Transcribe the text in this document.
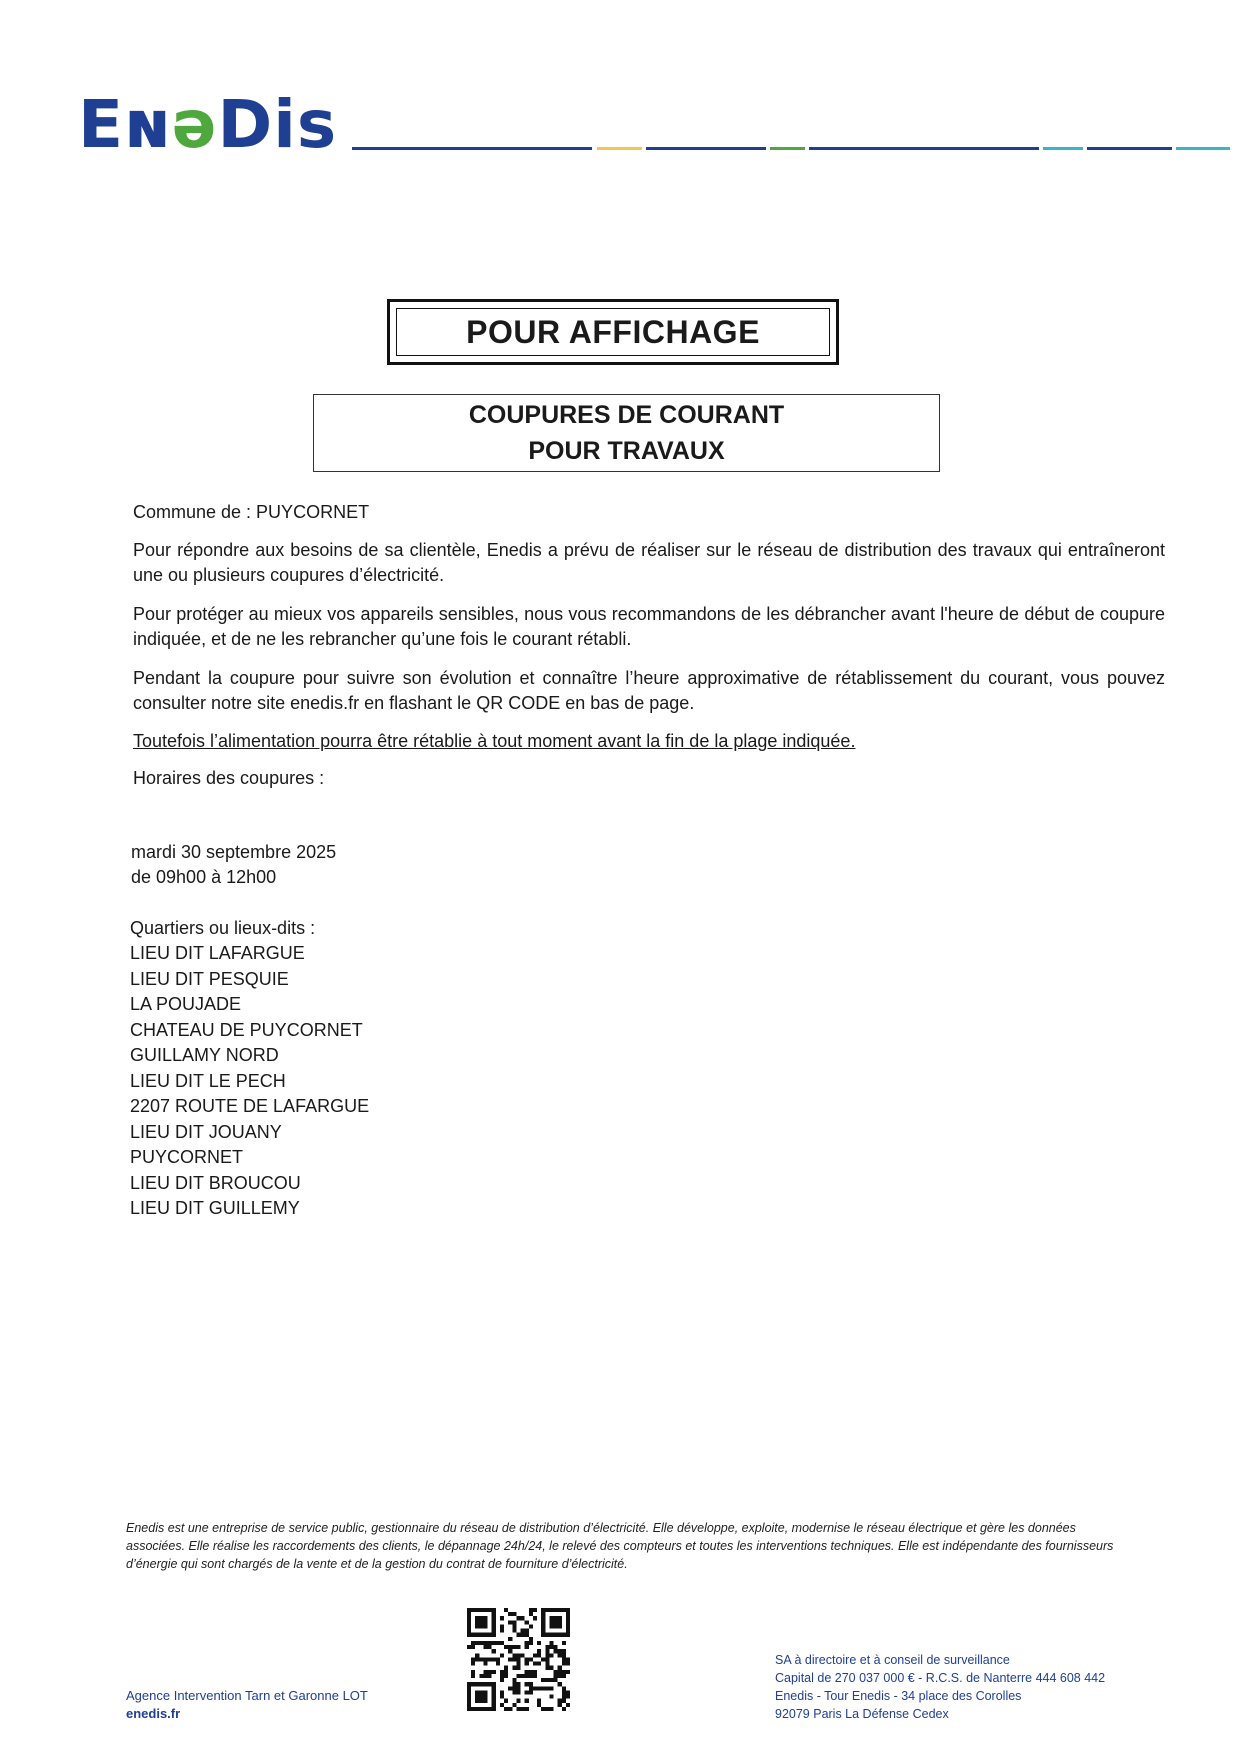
EɴəDis
POUR AFFICHAGE
COUPURES DE COURANT
POUR TRAVAUX
Commune de : PUYCORNET
Pour répondre aux besoins de sa clientèle, Enedis a prévu de réaliser sur le réseau de distribution des travaux qui entraîneront une ou plusieurs coupures d’électricité.
Pour protéger au mieux vos appareils sensibles, nous vous recommandons de les débrancher avant l'heure de début de coupure indiquée, et de ne les rebrancher qu’une fois le courant rétabli.
Pendant la coupure pour suivre son évolution et connaître l’heure approximative de rétablissement du courant, vous pouvez consulter notre site enedis.fr en flashant le QR CODE en bas de page.
Toutefois l’alimentation pourra être rétablie à tout moment avant la fin de la plage indiquée.
Horaires des coupures :
mardi 30 septembre 2025
de 09h00 à 12h00
Quartiers ou lieux-dits :
LIEU DIT LAFARGUE
LIEU DIT PESQUIE
LA POUJADE
CHATEAU DE PUYCORNET
GUILLAMY NORD
LIEU DIT LE PECH
2207 ROUTE DE LAFARGUE
LIEU DIT JOUANY
PUYCORNET
LIEU DIT BROUCOU
LIEU DIT GUILLEMY
Enedis est une entreprise de service public, gestionnaire du réseau de distribution d’électricité. Elle développe, exploite, modernise le réseau électrique et gère les données associées. Elle réalise les raccordements des clients, le dépannage 24h/24, le relevé des compteurs et toutes les interventions techniques. Elle est indépendante des fournisseurs d’énergie qui sont chargés de la vente et de la gestion du contrat de fourniture d’électricité.
Agence Intervention Tarn et Garonne LOT
enedis.fr
SA à directoire et à conseil de surveillance
Capital de 270 037 000 € - R.C.S. de Nanterre 444 608 442
Enedis - Tour Enedis - 34 place des Corolles
92079 Paris La Défense Cedex
